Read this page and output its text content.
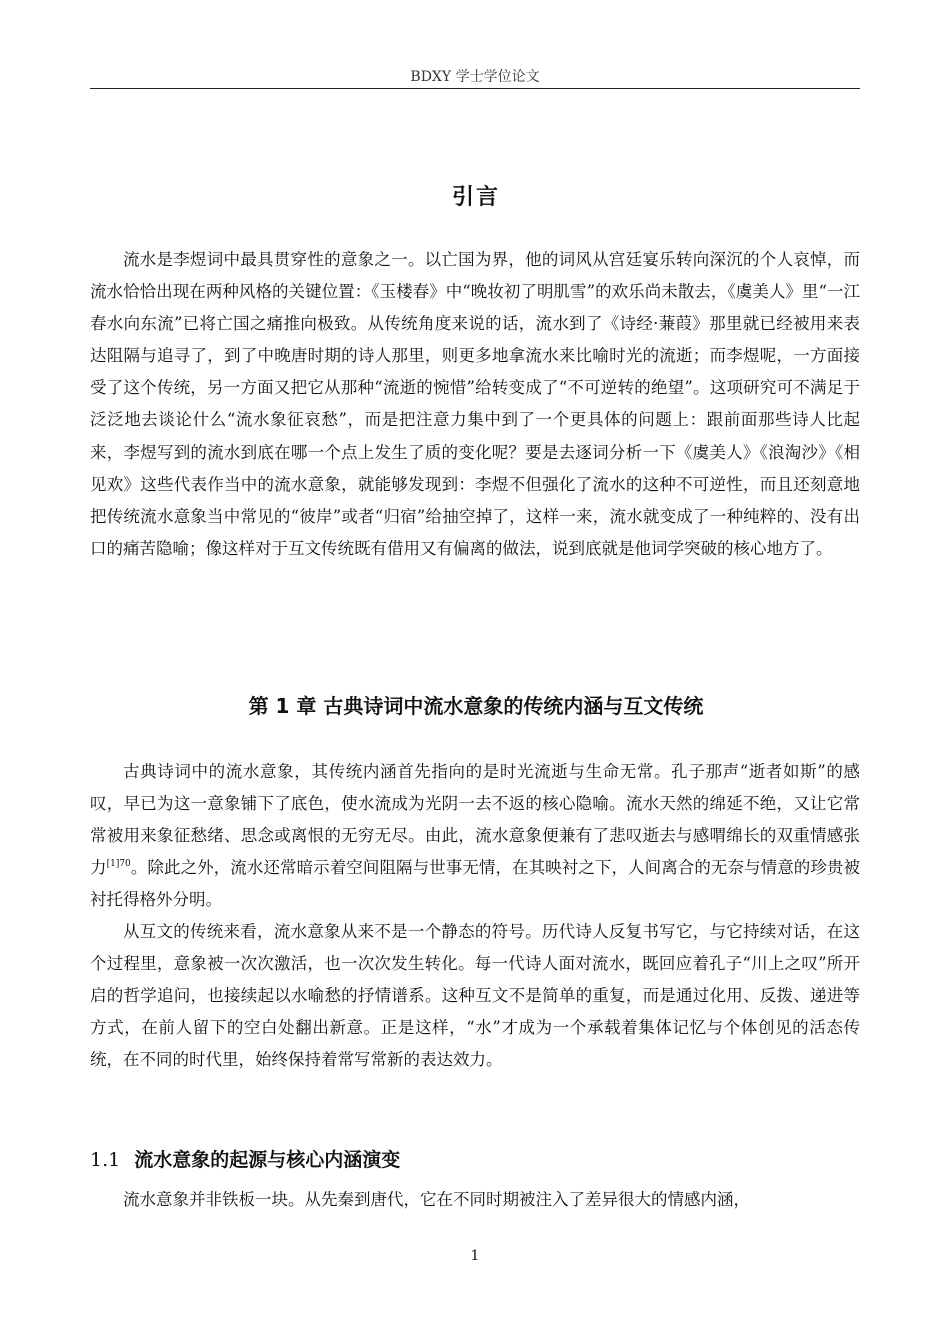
BDXY 学士学位论文
引言

流水是李煜词中最具贯穿性的意象之一。以亡国为界，他的词风从宫廷宴乐转向深沉的个人哀悼，而流水恰恰出现在两种风格的关键位置：《玉楼春》中“晚妆初了明肌雪”的欢乐尚未散去，《虞美人》里“一江春水向东流”已将亡国之痛推向极致。从传统角度来说的话，流水到了《诗经·蒹葭》那里就已经被用来表达阻隔与追寻了，到了中晚唐时期的诗人那里，则更多地拿流水来比喻时光的流逝；而李煜呢，一方面接受了这个传统，另一方面又把它从那种“流逝的惋惜”给转变成了“不可逆转的绝望”。这项研究可不满足于泛泛地去谈论什么“流水象征哀愁”，而是把注意力集中到了一个更具体的问题上：跟前面那些诗人比起来，李煜写到的流水到底在哪一个点上发生了质的变化呢？要是去逐词分析一下《虞美人》《浪淘沙》《相见欢》这些代表作当中的流水意象，就能够发现到：李煜不但强化了流水的这种不可逆性，而且还刻意地把传统流水意象当中常见的“彼岸”或者“归宿”给抽空掉了，这样一来，流水就变成了一种纯粹的、没有出口的痛苦隐喻；像这样对于互文传统既有借用又有偏离的做法，说到底就是他词学突破的核心地方了。

第 1 章 古典诗词中流水意象的传统内涵与互文传统

古典诗词中的流水意象，其传统内涵首先指向的是时光流逝与生命无常。孔子那声“逝者如斯”的感叹，早已为这一意象铺下了底色，使水流成为光阴一去不返的核心隐喻。流水天然的绵延不绝，又让它常常被用来象征愁绪、思念或离恨的无穷无尽。由此，流水意象便兼有了悲叹逝去与感喟绵长的双重情感张力$^{[1]70}$。除此之外，流水还常暗示着空间阻隔与世事无情，在其映衬之下，人间离合的无奈与情意的珍贵被衬托得格外分明。

从互文的传统来看，流水意象从来不是一个静态的符号。历代诗人反复书写它，与它持续对话，在这个过程里，意象被一次次激活，也一次次发生转化。每一代诗人面对流水，既回应着孔子“川上之叹”所开启的哲学追问，也接续起以水喻愁的抒情谱系。这种互文不是简单的重复，而是通过化用、反拨、递进等方式，在前人留下的空白处翻出新意。正是这样，“水”才成为一个承载着集体记忆与个体创见的活态传统，在不同的时代里，始终保持着常写常新的表达效力。

1.1 流水意象的起源与核心内涵演变

流水意象并非铁板一块。从先秦到唐代，它在不同时期被注入了差异很大的情感内涵，

1
